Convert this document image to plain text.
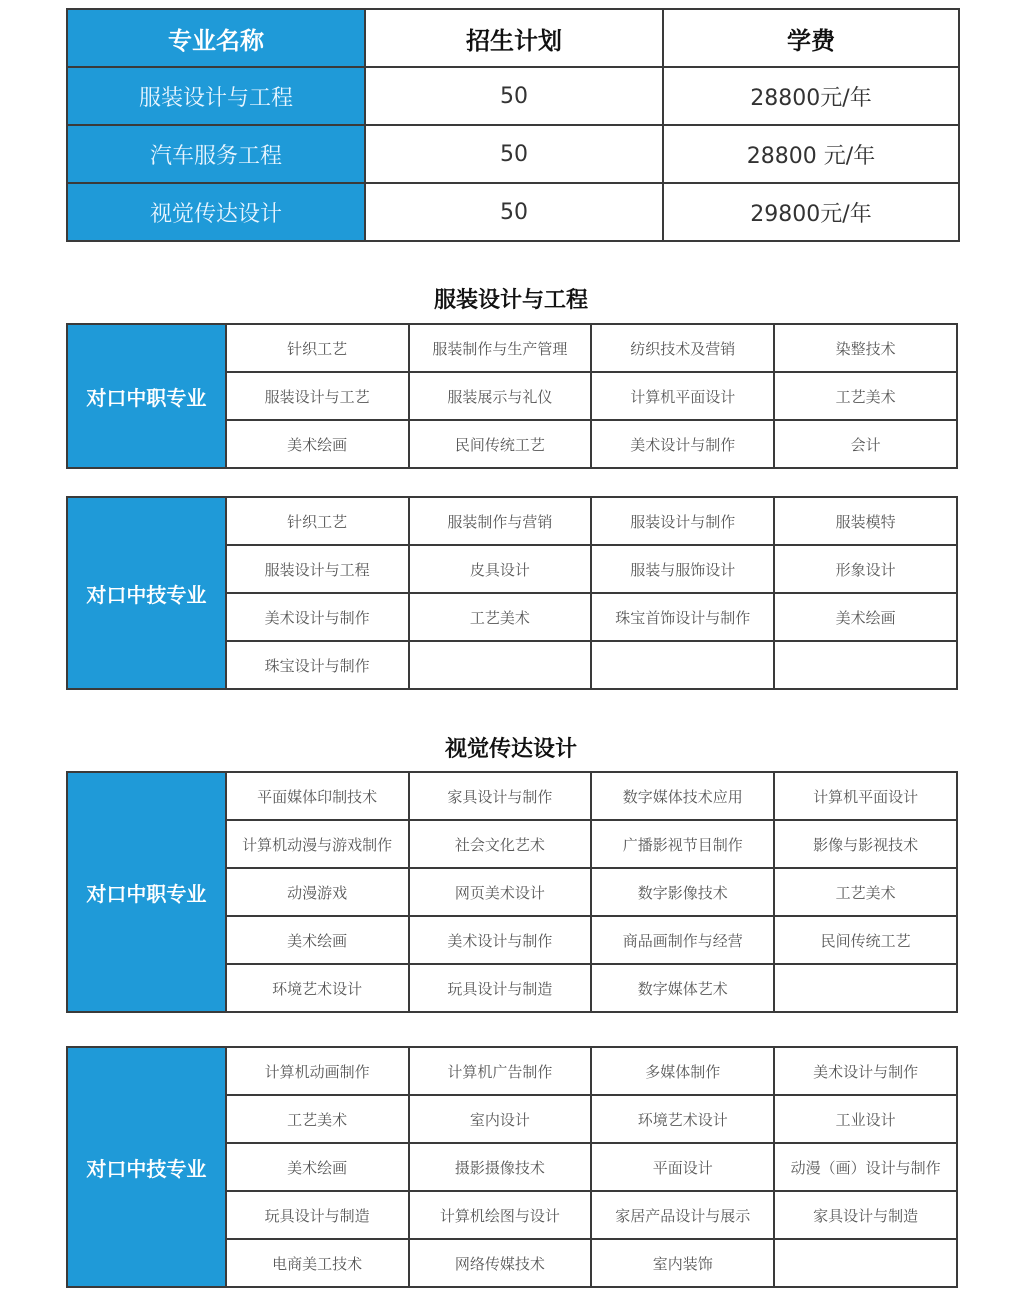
专业名称	招生计划	学费
服装设计与工程	50	28800元/年
汽车服务工程	50	28800 元/年
视觉传达设计	50	29800元/年
服装设计与工程
对口中职专业	针织工艺	服装制作与生产管理	纺织技术及营销	染整技术
	服装设计与工艺	服装展示与礼仪	计算机平面设计	工艺美术
	美术绘画	民间传统工艺	美术设计与制作	会计
对口中技专业	针织工艺	服装制作与营销	服装设计与制作	服装模特
	服装设计与工程	皮具设计	服装与服饰设计	形象设计
	美术设计与制作	工艺美术	珠宝首饰设计与制作	美术绘画
	珠宝设计与制作			
视觉传达设计
对口中职专业	平面媒体印制技术	家具设计与制作	数字媒体技术应用	计算机平面设计
	计算机动漫与游戏制作	社会文化艺术	广播影视节目制作	影像与影视技术
	动漫游戏	网页美术设计	数字影像技术	工艺美术
	美术绘画	美术设计与制作	商品画制作与经营	民间传统工艺
	环境艺术设计	玩具设计与制造	数字媒体艺术	
对口中技专业	计算机动画制作	计算机广告制作	多媒体制作	美术设计与制作
	工艺美术	室内设计	环境艺术设计	工业设计
	美术绘画	摄影摄像技术	平面设计	动漫（画）设计与制作
	玩具设计与制造	计算机绘图与设计	家居产品设计与展示	家具设计与制造
	电商美工技术	网络传媒技术	室内装饰	
